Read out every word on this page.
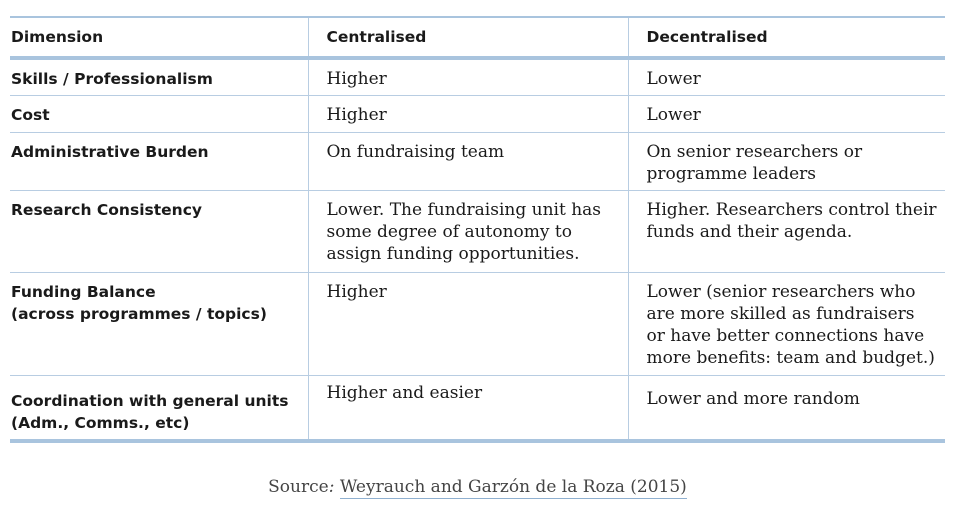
Dimension	Centralised	Decentralised

Skills / Professionalism	Higher	Lower

Cost	Higher	Lower

Administrative Burden	On fundraising team	On senior researchers or
programme leaders

Research Consistency	Lower. The fundraising unit has
some degree of autonomy to
assign funding opportunities.	Higher. Researchers control their
funds and their agenda.

Funding Balance
(across programmes / topics)	Higher	Lower (senior researchers who
are more skilled as fundraisers
or have better connections have
more benefits: team and budget.)

Coordination with general units
(Adm., Comms., etc)	Higher and easier	Lower and more random
Source: Weyrauch and Garzón de la Roza (2015)
